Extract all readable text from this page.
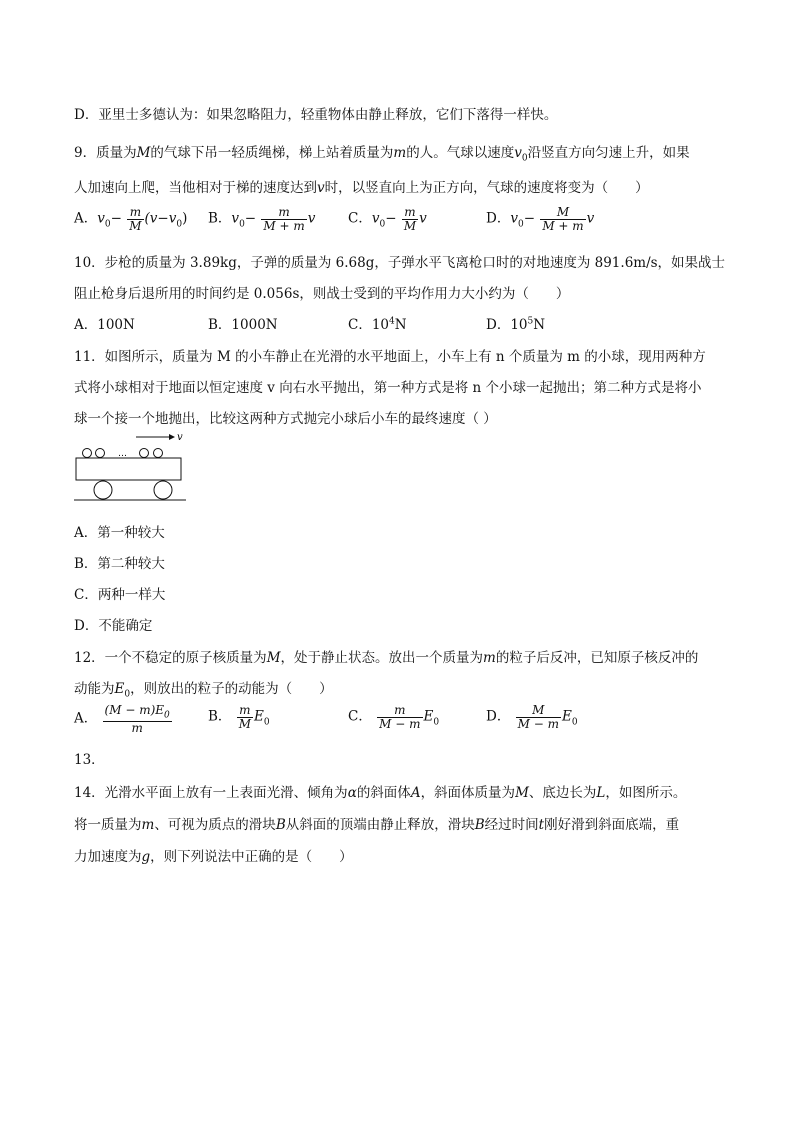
D．亚里士多德认为：如果忽略阻力，轻重物体由静止释放，它们下落得一样快。
9．质量为M的气球下吊一轻质绳梯，梯上站着质量为m的人。气球以速度$v_0$沿竖直方向匀速上升，如果
人加速向上爬，当他相对于梯的速度达到v时，以竖直向上为正方向，气球的速度将变为（　　）
A．$v_0- \frac{m}{M} (v-v_0)$ B．$v_0- \frac{m}{M + m}$ v C．$v_0- \frac{m}{M}$ v	D．$v_0- \frac{M}{M + m}$ v
10．步枪的质量为 3.89kg，子弹的质量为 6.68g，子弹水平飞离枪口时的对地速度为 891.6m/s，如果战士
阻止枪身后退所用的时间约是 0.056s，则战士受到的平均作用力大小约为（　　）
A．100N	B．1000N	C．$10^4N$	D．$10^5N$
11．如图所示，质量为 M 的小车静止在光滑的水平地面上，小车上有 n 个质量为 m 的小球，现用两种方
式将小球相对于地面以恒定速度 v 向右水平抛出，第一种方式是将 n 个小球一起抛出；第二种方式是将小
球一个接一个地抛出，比较这两种方式抛完小球后小车的最终速度（ ）
v
…
A．第一种较大
B．第二种较大
C．两种一样大
D．不能确定
12．一个不稳定的原子核质量为M，处于静止状态。放出一个质量为m的粒子后反冲，已知原子核反冲的
动能为$E_0$，则放出的粒子的动能为（　　）
A． $\frac{(M - m)E_0}{m}$	B． $\frac{m}{M} E_0$	C． $\frac{m}{M - m} E_0$	D． $\frac{M}{M - m} E_0$
13．
14．光滑水平面上放有一上表面光滑、倾角为α的斜面体A，斜面体质量为M、底边长为L，如图所示。
将一质量为m、可视为质点的滑块B从斜面的顶端由静止释放，滑块B经过时间t刚好滑到斜面底端，重
力加速度为g，则下列说法中正确的是（　　）
